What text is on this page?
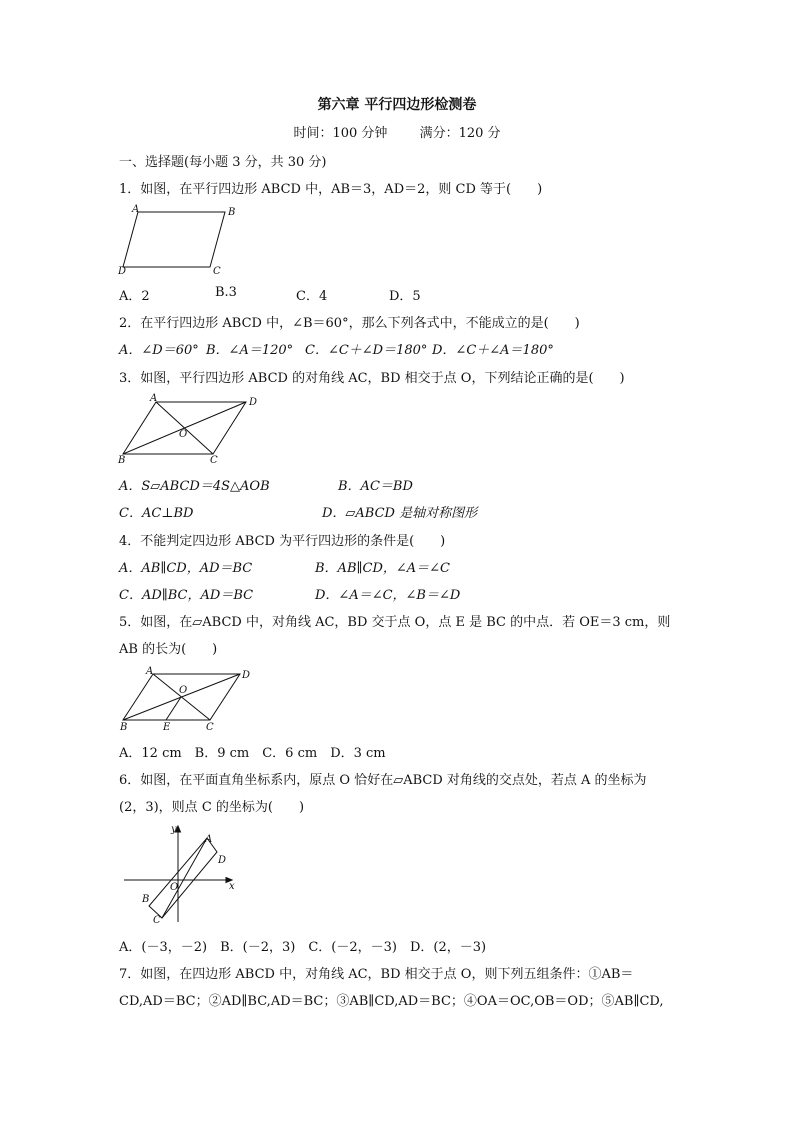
第六章 平行四边形检测卷
时间：100 分钟 满分：120 分
一、选择题(每小题 3 分，共 30 分)
1．如图，在平行四边形 ABCD 中，AB＝3，AD＝2，则 CD 等于(　　)
A	B
C
D
A．2	B.3	C．4	D．5
2．在平行四边形 ABCD 中，∠B＝60°，那么下列各式中，不能成立的是(　　)
A．∠D＝60° B．∠A＝120° C．∠C＋∠D＝180° D．∠C＋∠A＝180°
3．如图，平行四边形 ABCD 的对角线 AC，BD 相交于点 O，下列结论正确的是(　　)
A	D
O
B	C
A．S▱ABCD＝4S△AOB	B．AC＝BD
C．AC⊥BD	D．▱ABCD 是轴对称图形
4．不能判定四边形 ABCD 为平行四边形的条件是(　　)
A．AB∥CD，AD＝BC	B．AB∥CD，∠A＝∠C
C．AD∥BC，AD＝BC	D．∠A＝∠C，∠B＝∠D
5．如图，在▱ABCD 中，对角线 AC，BD 交于点 O，点 E 是 BC 的中点．若 OE＝3 cm，则
AB 的长为(　　)
A	D
O
B	E	C
A．12 cm　B．9 cm　C．6 cm　D．3 cm
6．如图，在平面直角坐标系内，原点 O 恰好在▱ABCD 对角线的交点处，若点 A 的坐标为
(2，3)，则点 C 的坐标为(　　)
y
A
D
x
O
B
C
A．(－3，－2)　B．(－2，3)　C．(－2，－3)　D．(2，－3)
7．如图，在四边形 ABCD 中，对角线 AC，BD 相交于点 O，则下列五组条件：①AB＝
CD,AD＝BC；②AD∥BC,AD＝BC；③AB∥CD,AD＝BC；④OA＝OC,OB＝OD；⑤AB∥CD,
